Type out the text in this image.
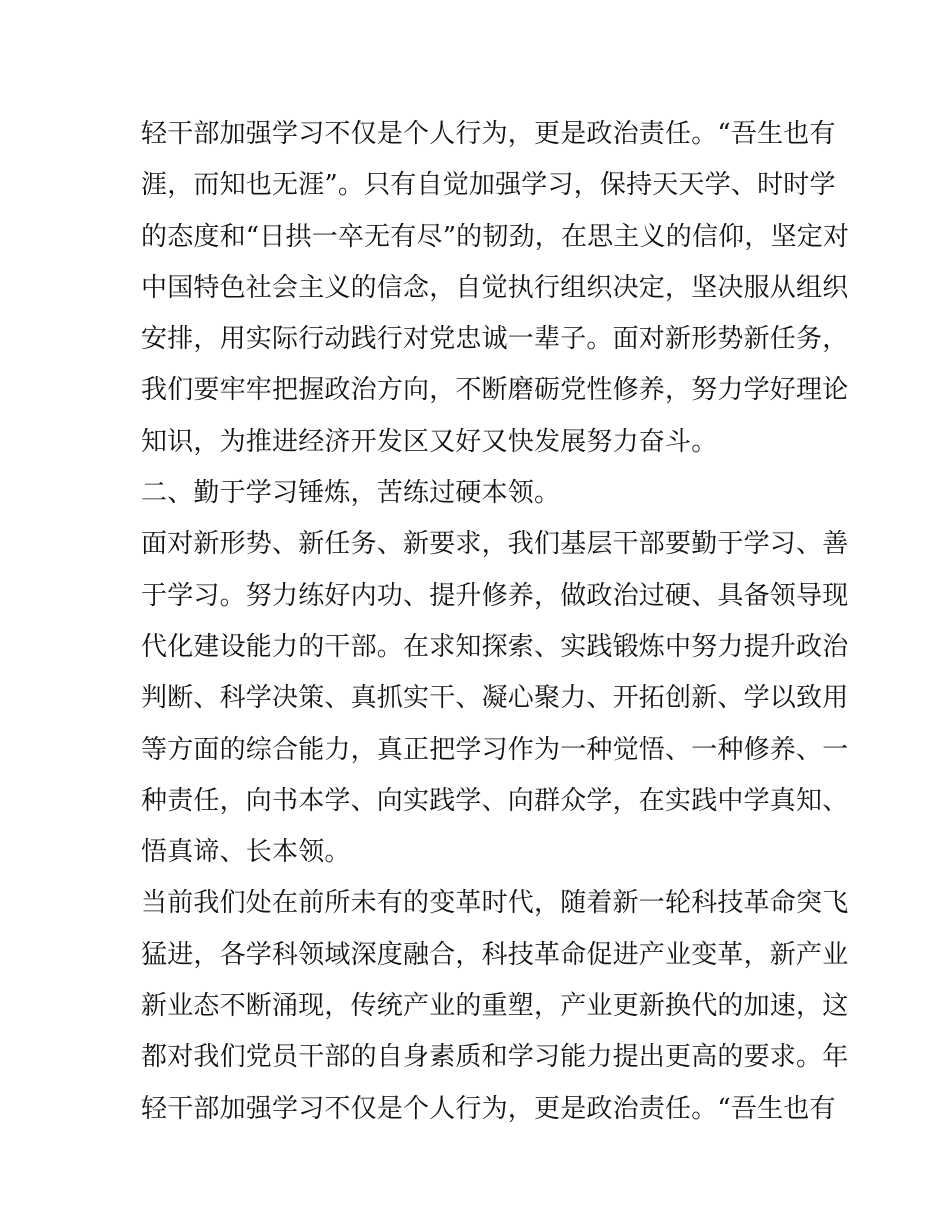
轻干部加强学习不仅是个人行为，更是政治责任。“吾生也有
涯，而知也无涯”。只有自觉加强学习，保持天天学、时时学
的态度和“日拱一卒无有尽”的韧劲，在思主义的信仰，坚定对
中国特色社会主义的信念，自觉执行组织决定，坚决服从组织
安排，用实际行动践行对党忠诚一辈子。面对新形势新任务，
我们要牢牢把握政治方向，不断磨砺党性修养，努力学好理论
知识，为推进经济开发区又好又快发展努力奋斗。
二、勤于学习锤炼，苦练过硬本领。
面对新形势、新任务、新要求，我们基层干部要勤于学习、善
于学习。努力练好内功、提升修养，做政治过硬、具备领导现
代化建设能力的干部。在求知探索、实践锻炼中努力提升政治
判断、科学决策、真抓实干、凝心聚力、开拓创新、学以致用
等方面的综合能力，真正把学习作为一种觉悟、一种修养、一
种责任，向书本学、向实践学、向群众学，在实践中学真知、
悟真谛、长本领。
当前我们处在前所未有的变革时代，随着新一轮科技革命突飞
猛进，各学科领域深度融合，科技革命促进产业变革，新产业
新业态不断涌现，传统产业的重塑，产业更新换代的加速，这
都对我们党员干部的自身素质和学习能力提出更高的要求。年
轻干部加强学习不仅是个人行为，更是政治责任。“吾生也有
